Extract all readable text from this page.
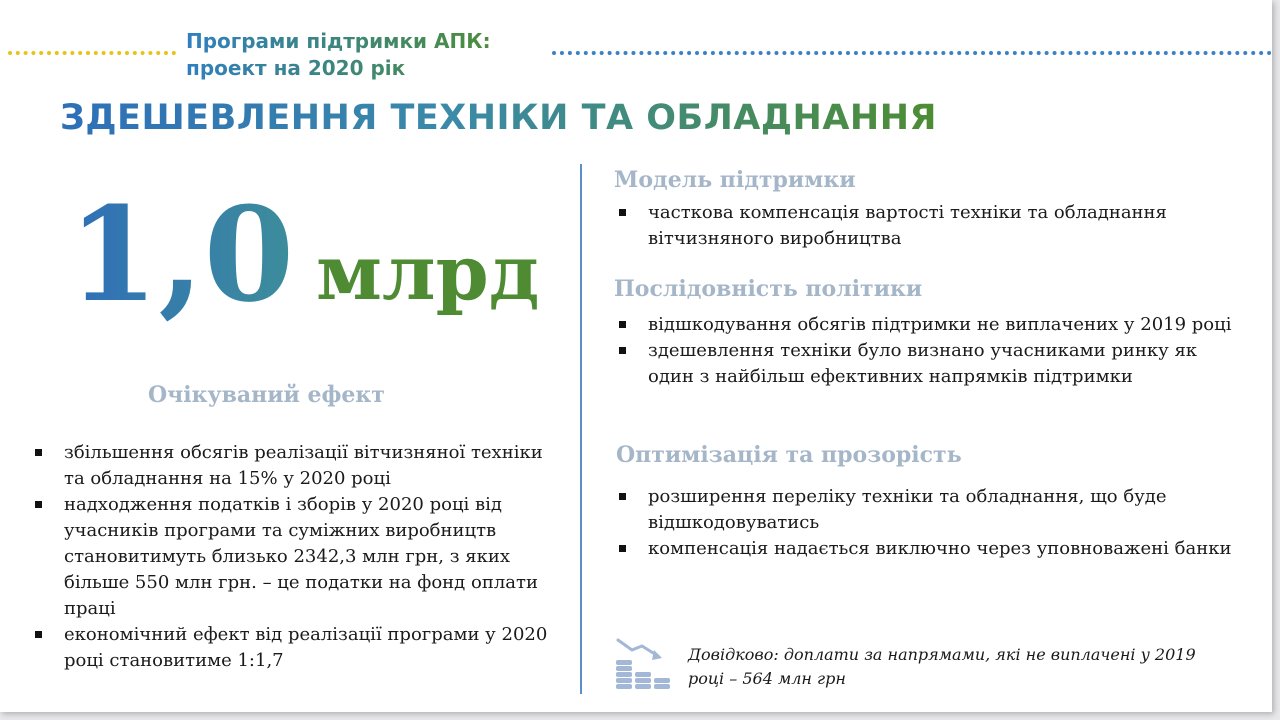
Програми підтримки АПК:
проект на 2020 рік
ЗДЕШЕВЛЕННЯ ТЕХНІКИ ТА ОБЛАДНАННЯ
1,0 млрд
Очікуваний ефект
збільшення обсягів реалізації вітчизняної техніки та обладнання на 15% у 2020 році
надходження податків і зборів у 2020 році від учасників програми та суміжних виробництв становитимуть близько 2342,3 млн грн, з яких більше 550 млн грн. – це податки на фонд оплати праці
економічний ефект від реалізації програми у 2020 році становитиме 1:1,7
Модель підтримки
часткова компенсація вартості техніки та обладнання вітчизняного виробництва
Послідовність політики
відшкодування обсягів підтримки не виплачених у 2019 році
здешевлення техніки було визнано учасниками ринку як один з найбільш ефективних напрямків підтримки
Оптимізація та прозорість
розширення переліку техніки та обладнання, що буде відшкодовуватись
компенсація надається виключно через уповноважені банки
Довідково: доплати за напрямами, які не виплачені у 2019 році – 564 млн грн
